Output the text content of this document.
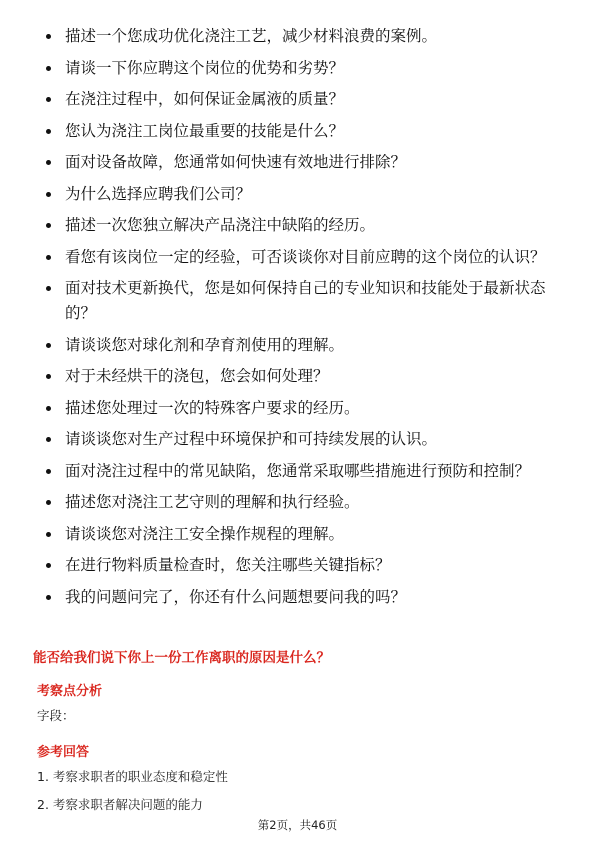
描述一个您成功优化浇注工艺，减少材料浪费的案例。
请谈一下你应聘这个岗位的优势和劣势？
在浇注过程中，如何保证金属液的质量？
您认为浇注工岗位最重要的技能是什么？
面对设备故障，您通常如何快速有效地进行排除？
为什么选择应聘我们公司？
描述一次您独立解决产品浇注中缺陷的经历。
看您有该岗位一定的经验，可否谈谈你对目前应聘的这个岗位的认识？
面对技术更新换代，您是如何保持自己的专业知识和技能处于最新状态的？
请谈谈您对球化剂和孕育剂使用的理解。
对于未经烘干的浇包，您会如何处理？
描述您处理过一次的特殊客户要求的经历。
请谈谈您对生产过程中环境保护和可持续发展的认识。
面对浇注过程中的常见缺陷，您通常采取哪些措施进行预防和控制？
描述您对浇注工艺守则的理解和执行经验。
请谈谈您对浇注工安全操作规程的理解。
在进行物料质量检查时，您关注哪些关键指标？
我的问题问完了，你还有什么问题想要问我的吗？
能否给我们说下你上一份工作离职的原因是什么？
考察点分析
字段：
参考回答
1. 考察求职者的职业态度和稳定性
2. 考察求职者解决问题的能力
第2页，共46页
